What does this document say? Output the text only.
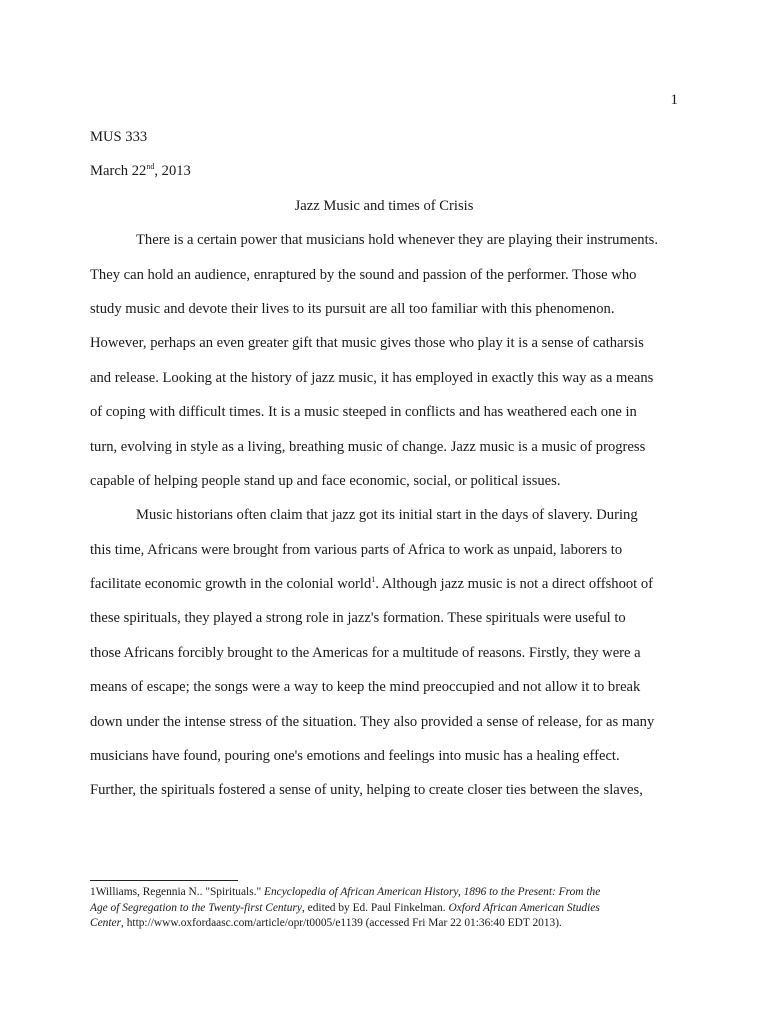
1
MUS 333
March 22nd, 2013
Jazz Music and times of Crisis
There is a certain power that musicians hold whenever they are playing their instruments.
They can hold an audience, enraptured by the sound and passion of the performer. Those who
study music and devote their lives to its pursuit are all too familiar with this phenomenon.
However, perhaps an even greater gift that music gives those who play it is a sense of catharsis
and release. Looking at the history of jazz music, it has employed in exactly this way as a means
of coping with difficult times. It is a music steeped in conflicts and has weathered each one in
turn, evolving in style as a living, breathing music of change. Jazz music is a music of progress
capable of helping people stand up and face economic, social, or political issues.
Music historians often claim that jazz got its initial start in the days of slavery. During
this time, Africans were brought from various parts of Africa to work as unpaid, laborers to
facilitate economic growth in the colonial world$^1$. Although jazz music is not a direct offshoot of
these spirituals, they played a strong role in jazz's formation. These spirituals were useful to
those Africans forcibly brought to the Americas for a multitude of reasons. Firstly, they were a
means of escape; the songs were a way to keep the mind preoccupied and not allow it to break
down under the intense stress of the situation. They also provided a sense of release, for as many
musicians have found, pouring one's emotions and feelings into music has a healing effect.
Further, the spirituals fostered a sense of unity, helping to create closer ties between the slaves,
1Williams, Regennia N.. "Spirituals." Encyclopedia of African American History, 1896 to the Present: From the
Age of Segregation to the Twenty-first Century, edited by Ed. Paul Finkelman. Oxford African American Studies
Center, http://www.oxfordaasc.com/article/opr/t0005/e1139 (accessed Fri Mar 22 01:36:40 EDT 2013).
